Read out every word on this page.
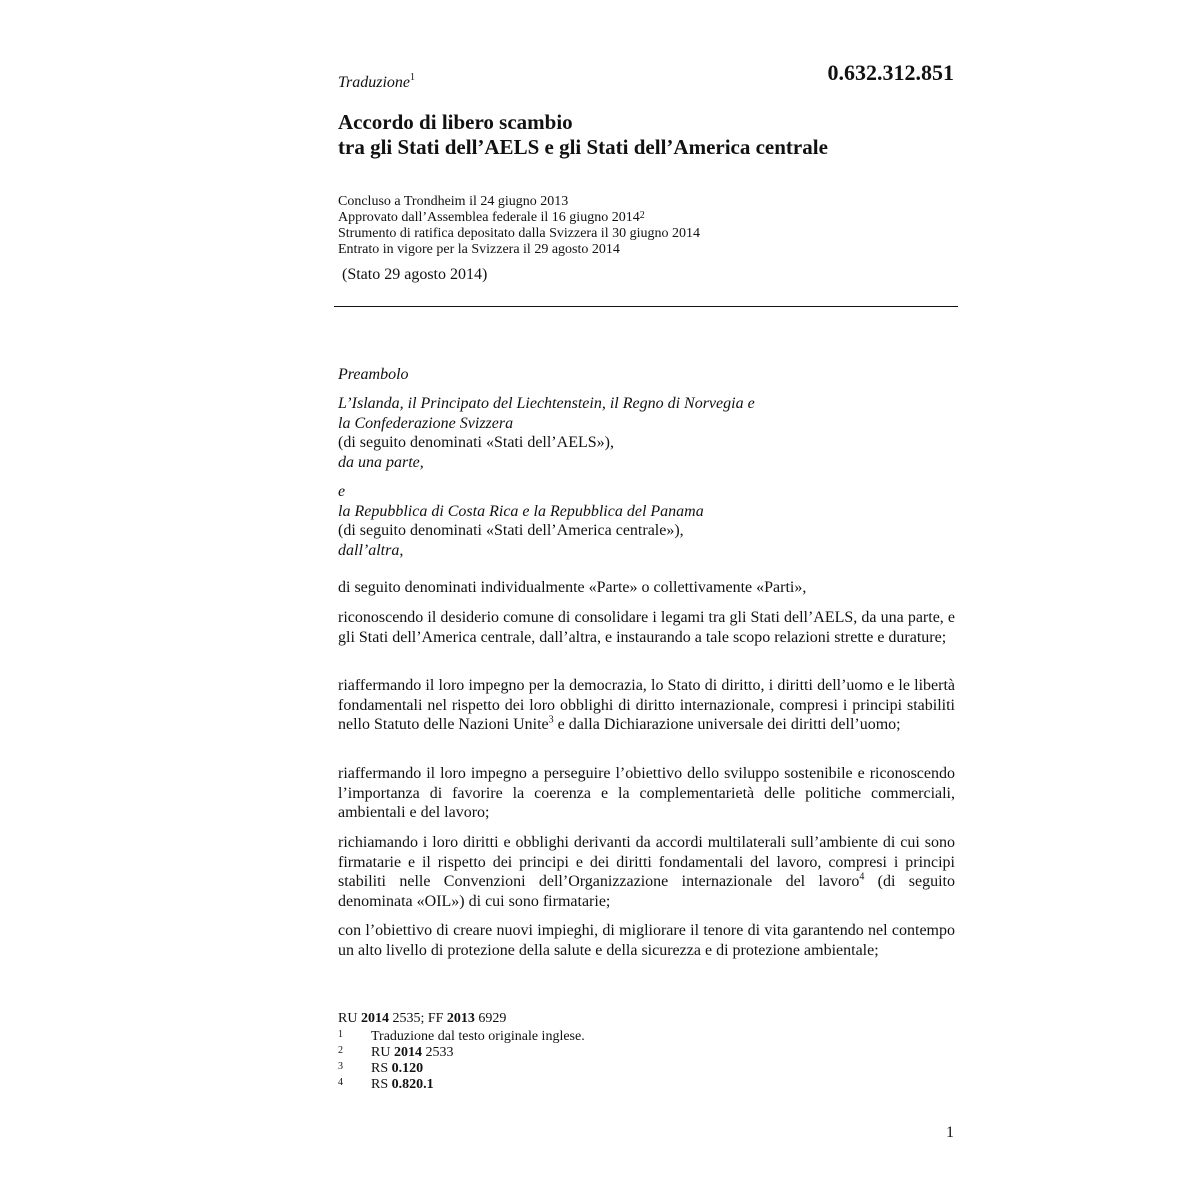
Traduzione$^1$	0.632.312.851
Accordo di libero scambio
tra gli Stati dell’AELS e gli Stati dell’America centrale
Concluso a Trondheim il 24 giugno 2013
Approvato dall’Assemblea federale il 16 giugno 2014$^2$
Strumento di ratifica depositato dalla Svizzera il 30 giugno 2014
Entrato in vigore per la Svizzera il 29 agosto 2014
(Stato 29 agosto 2014)
Preambolo
L’Islanda, il Principato del Liechtenstein, il Regno di Norvegia e
la Confederazione Svizzera
(di seguito denominati «Stati dell’AELS»),
da una parte,
e
la Repubblica di Costa Rica e la Repubblica del Panama
(di seguito denominati «Stati dell’America centrale»),
dall’altra,
di seguito denominati individualmente «Parte» o collettivamente «Parti»,
riconoscendo il desiderio comune di consolidare i legami tra gli Stati dell’AELS, da una parte, e gli Stati dell’America centrale, dall’altra, e instaurando a tale scopo relazioni strette e durature;
riaffermando il loro impegno per la democrazia, lo Stato di diritto, i diritti dell’uomo e le libertà fondamentali nel rispetto dei loro obblighi di diritto internazionale, compresi i principi stabiliti nello Statuto delle Nazioni Unite$^3$ e dalla Dichiarazione universale dei diritti dell’uomo;
riaffermando il loro impegno a perseguire l’obiettivo dello sviluppo sostenibile e riconoscendo l’importanza di favorire la coerenza e la complementarietà delle politiche commerciali, ambientali e del lavoro;
richiamando i loro diritti e obblighi derivanti da accordi multilaterali sull’ambiente di cui sono firmatarie e il rispetto dei principi e dei diritti fondamentali del lavoro, compresi i principi stabiliti nelle Convenzioni dell’Organizzazione internazionale del lavoro$^4$ (di seguito denominata «OIL») di cui sono firmatarie;
con l’obiettivo di creare nuovi impieghi, di migliorare il tenore di vita garantendo nel contempo un alto livello di protezione della salute e della sicurezza e di protezione ambientale;
RU 2014 2535; FF 2013 6929
1 Traduzione dal testo originale inglese.
2 RU 2014 2533
3 RS 0.120
4 RS 0.820.1
1
